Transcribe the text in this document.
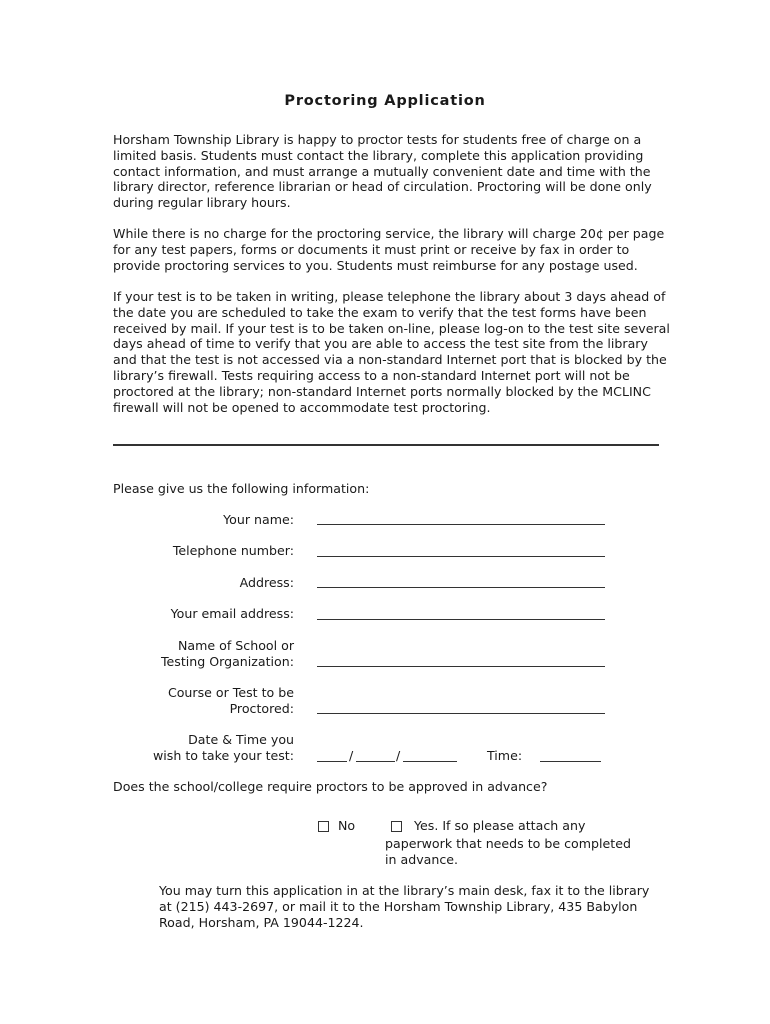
Proctoring Application

Horsham Township Library is happy to proctor tests for students free of charge on a limited basis. Students must contact the library, complete this application providing contact information, and must arrange a mutually convenient date and time with the library director, reference librarian or head of circulation. Proctoring will be done only during regular library hours.

While there is no charge for the proctoring service, the library will charge 20¢ per page for any test papers, forms or documents it must print or receive by fax in order to provide proctoring services to you. Students must reimburse for any postage used.

If your test is to be taken in writing, please telephone the library about 3 days ahead of the date you are scheduled to take the exam to verify that the test forms have been received by mail. If your test is to be taken on-line, please log-on to the test site several days ahead of time to verify that you are able to access the test site from the library and that the test is not accessed via a non-standard Internet port that is blocked by the library’s firewall. Tests requiring access to a non-standard Internet port will not be proctored at the library; non-standard Internet ports normally blocked by the MCLINC firewall will not be opened to accommodate test proctoring.

Please give us the following information:
Your name:
Telephone number:
Address:
Your email address:
Name of School or
Testing Organization:
Course or Test to be
Proctored:
Date & Time you
wish to take your test:	/	/	Time:
Does the school/college require proctors to be approved in advance?
No	Yes. If so please attach any
paperwork that needs to be completed
in advance.

You may turn this application in at the library’s main desk, fax it to the library at (215) 443-2697, or mail it to the Horsham Township Library, 435 Babylon Road, Horsham, PA 19044-1224.
